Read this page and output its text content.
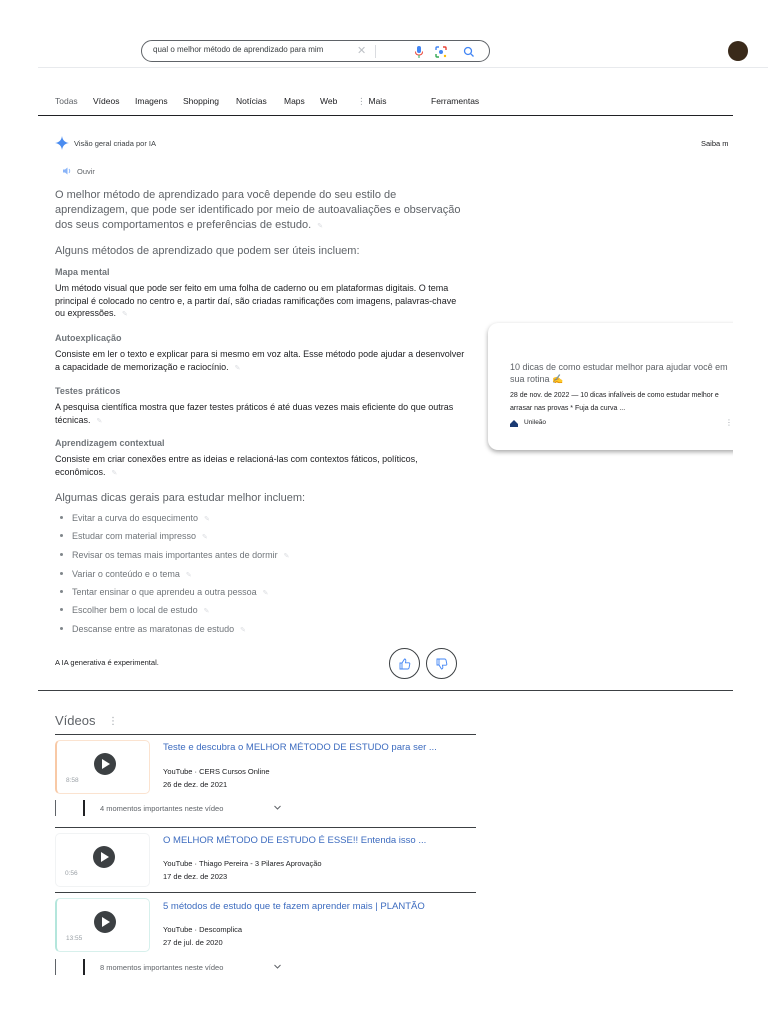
qual o melhor método de aprendizado para mim	✕
Todas Vídeos Imagens Shopping Notícias Maps Web ⋮ Mais	Ferramentas
Visão geral criada por IA	Saiba m
Ouvir

O melhor método de aprendizado para você depende do seu estilo de aprendizagem, que pode ser identificado por meio de autoavaliações e observação dos seus comportamentos e preferências de estudo. ✎

Alguns métodos de aprendizado que podem ser úteis incluem:
Mapa mental

Um método visual que pode ser feito em uma folha de caderno ou em plataformas digitais. O tema principal é colocado no centro e, a partir daí, são criadas ramificações com imagens, palavras-chave ou expressões. ✎

Autoexplicação

Consiste em ler o texto e explicar para si mesmo em voz alta. Esse método pode ajudar a desenvolver a capacidade de memorização e raciocínio. ✎

Testes práticos

A pesquisa científica mostra que fazer testes práticos é até duas vezes mais eficiente do que outras técnicas. ✎

Aprendizagem contextual

Consiste em criar conexões entre as ideias e relacioná-las com contextos fáticos, políticos, econômicos. ✎

Algumas dicas gerais para estudar melhor incluem:
Evitar a curva do esquecimento ✎
Estudar com material impresso ✎
Revisar os temas mais importantes antes de dormir ✎
Variar o conteúdo e o tema ✎
Tentar ensinar o que aprendeu a outra pessoa ✎
Escolher bem o local de estudo ✎
Descanse entre as maratonas de estudo ✎
A IA generativa é experimental.
10 dicas de como estudar melhor para ajudar você em sua rotina ✍️
28 de nov. de 2022 — 10 dicas infalíveis de como estudar melhor e arrasar nas provas * Fuja da curva ...
Unileão	⋮
Vídeos ⋮
8:58
Teste e descubra o MELHOR MÉTODO DE ESTUDO para ser ...
YouTube · CERS Cursos Online
26 de dez. de 2021
4 momentos importantes neste vídeo
0:56
O MELHOR MÉTODO DE ESTUDO É ESSE!! Entenda isso ...
YouTube · Thiago Pereira - 3 Pilares Aprovação
17 de dez. de 2023
13:55
5 métodos de estudo que te fazem aprender mais | PLANTÃO
YouTube · Descomplica
27 de jul. de 2020
8 momentos importantes neste vídeo
